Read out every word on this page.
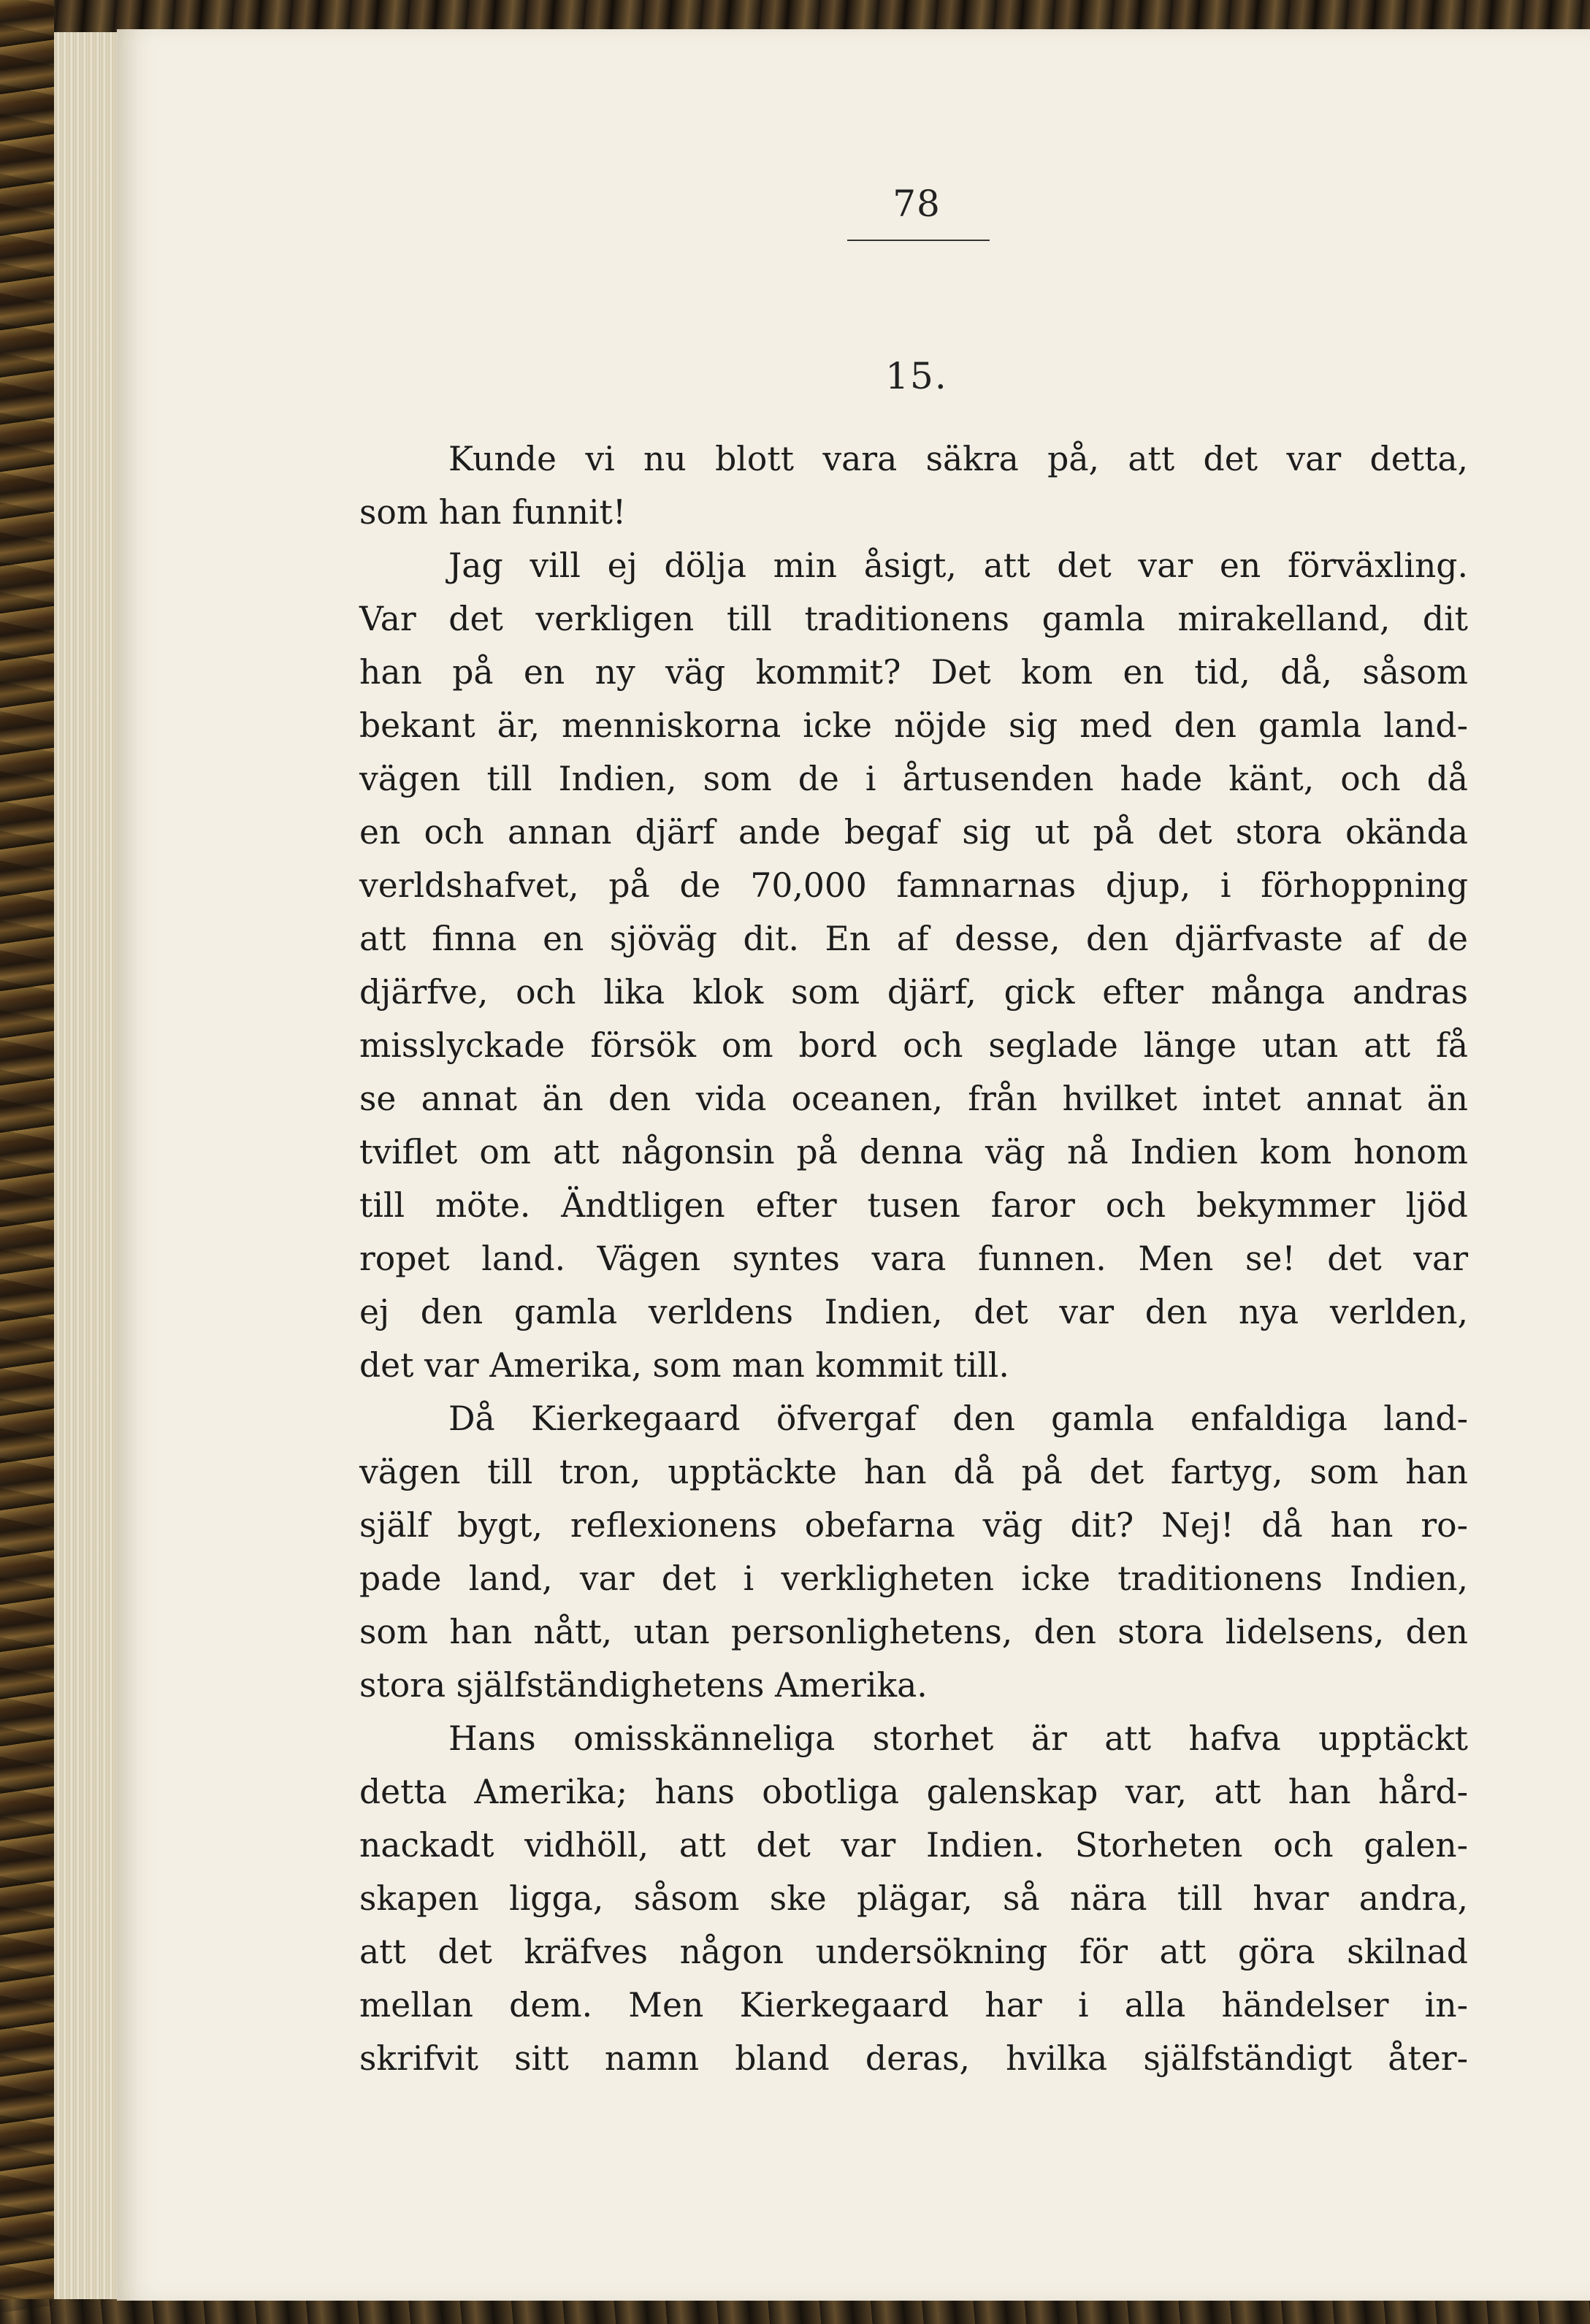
78
15.
Kunde vi nu blott vara säkra på, att det var detta,
som han funnit!
Jag vill ej dölja min åsigt, att det var en förväxling.
Var det verkligen till traditionens gamla mirakelland, dit
han på en ny väg kommit? Det kom en tid, då, såsom
bekant är, menniskorna icke nöjde sig med den gamla land-
vägen till Indien, som de i årtusenden hade känt, och då
en och annan djärf ande begaf sig ut på det stora okända
verldshafvet, på de 70,000 famnarnas djup, i förhoppning
att finna en sjöväg dit. En af desse, den djärfvaste af de
djärfve, och lika klok som djärf, gick efter många andras
misslyckade försök om bord och seglade länge utan att få
se annat än den vida oceanen, från hvilket intet annat än
tviflet om att någonsin på denna väg nå Indien kom honom
till möte. Ändtligen efter tusen faror och bekymmer ljöd
ropet land. Vägen syntes vara funnen. Men se! det var
ej den gamla verldens Indien, det var den nya verlden,
det var Amerika, som man kommit till.
Då Kierkegaard öfvergaf den gamla enfaldiga land-
vägen till tron, upptäckte han då på det fartyg, som han
själf bygt, reflexionens obefarna väg dit? Nej! då han ro-
pade land, var det i verkligheten icke traditionens Indien,
som han nått, utan personlighetens, den stora lidelsens, den
stora själfständighetens Amerika.
Hans omisskänneliga storhet är att hafva upptäckt
detta Amerika; hans obotliga galenskap var, att han hård-
nackadt vidhöll, att det var Indien. Storheten och galen-
skapen ligga, såsom ske plägar, så nära till hvar andra,
att det kräfves någon undersökning för att göra skilnad
mellan dem. Men Kierkegaard har i alla händelser in-
skrifvit sitt namn bland deras, hvilka själfständigt åter-
